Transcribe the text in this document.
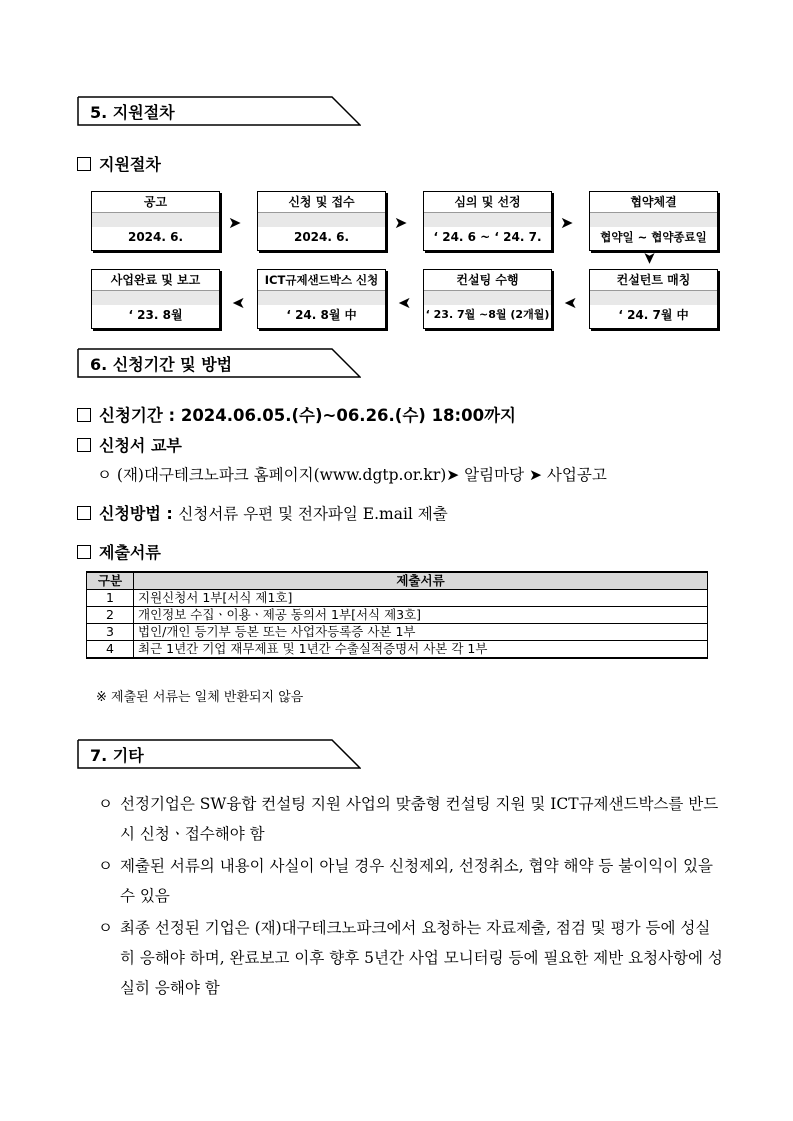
5. 지원절차
지원절차
공고
2024. 6.
➤
신청 및 접수
2024. 6.
➤
심의 및 선정
‘ 24. 6 ~ ‘ 24. 7.
➤
협약체결
협약일 ~ 협약종료일
➤
컨설턴트 매칭
‘ 24. 7월 中
➤
컨설팅 수행
‘ 23. 7월 ~8월 (2개월)
➤
ICT규제샌드박스 신청
‘ 24. 8월 中
➤
사업완료 및 보고
‘ 23. 8월
6. 신청기간 및 방법
신청기간 : 2024.06.05.(수)~06.26.(수) 18:00까지
신청서 교부
ㅇ (재)대구테크노파크 홈페이지(www.dgtp.or.kr)➤ 알림마당 ➤ 사업공고
신청방법 : 신청서류 우편 및 전자파일 E.mail 제출
제출서류
구분	제출서류
1	지원신청서 1부[서식 제1호]
2	개인정보 수집ㆍ이용ㆍ제공 동의서 1부[서식 제3호]
3	법인/개인 등기부 등본 또는 사업자등록증 사본 1부
4	최근 1년간 기업 재무제표 및 1년간 수출실적증명서 사본 각 1부
※ 제출된 서류는 일체 반환되지 않음
7. 기타
ㅇ 선정기업은 SW융합 컨설팅 지원 사업의 맞춤형 컨설팅 지원 및 ICT규제샌드박스를 반드시 신청ㆍ접수해야 함
ㅇ 제출된 서류의 내용이 사실이 아닐 경우 신청제외, 선정취소, 협약 해약 등 불이익이 있을 수 있음
ㅇ 최종 선정된 기업은 (재)대구테크노파크에서 요청하는 자료제출, 점검 및 평가 등에 성실히 응해야 하며, 완료보고 이후 향후 5년간 사업 모니터링 등에 필요한 제반 요청사항에 성실히 응해야 함
